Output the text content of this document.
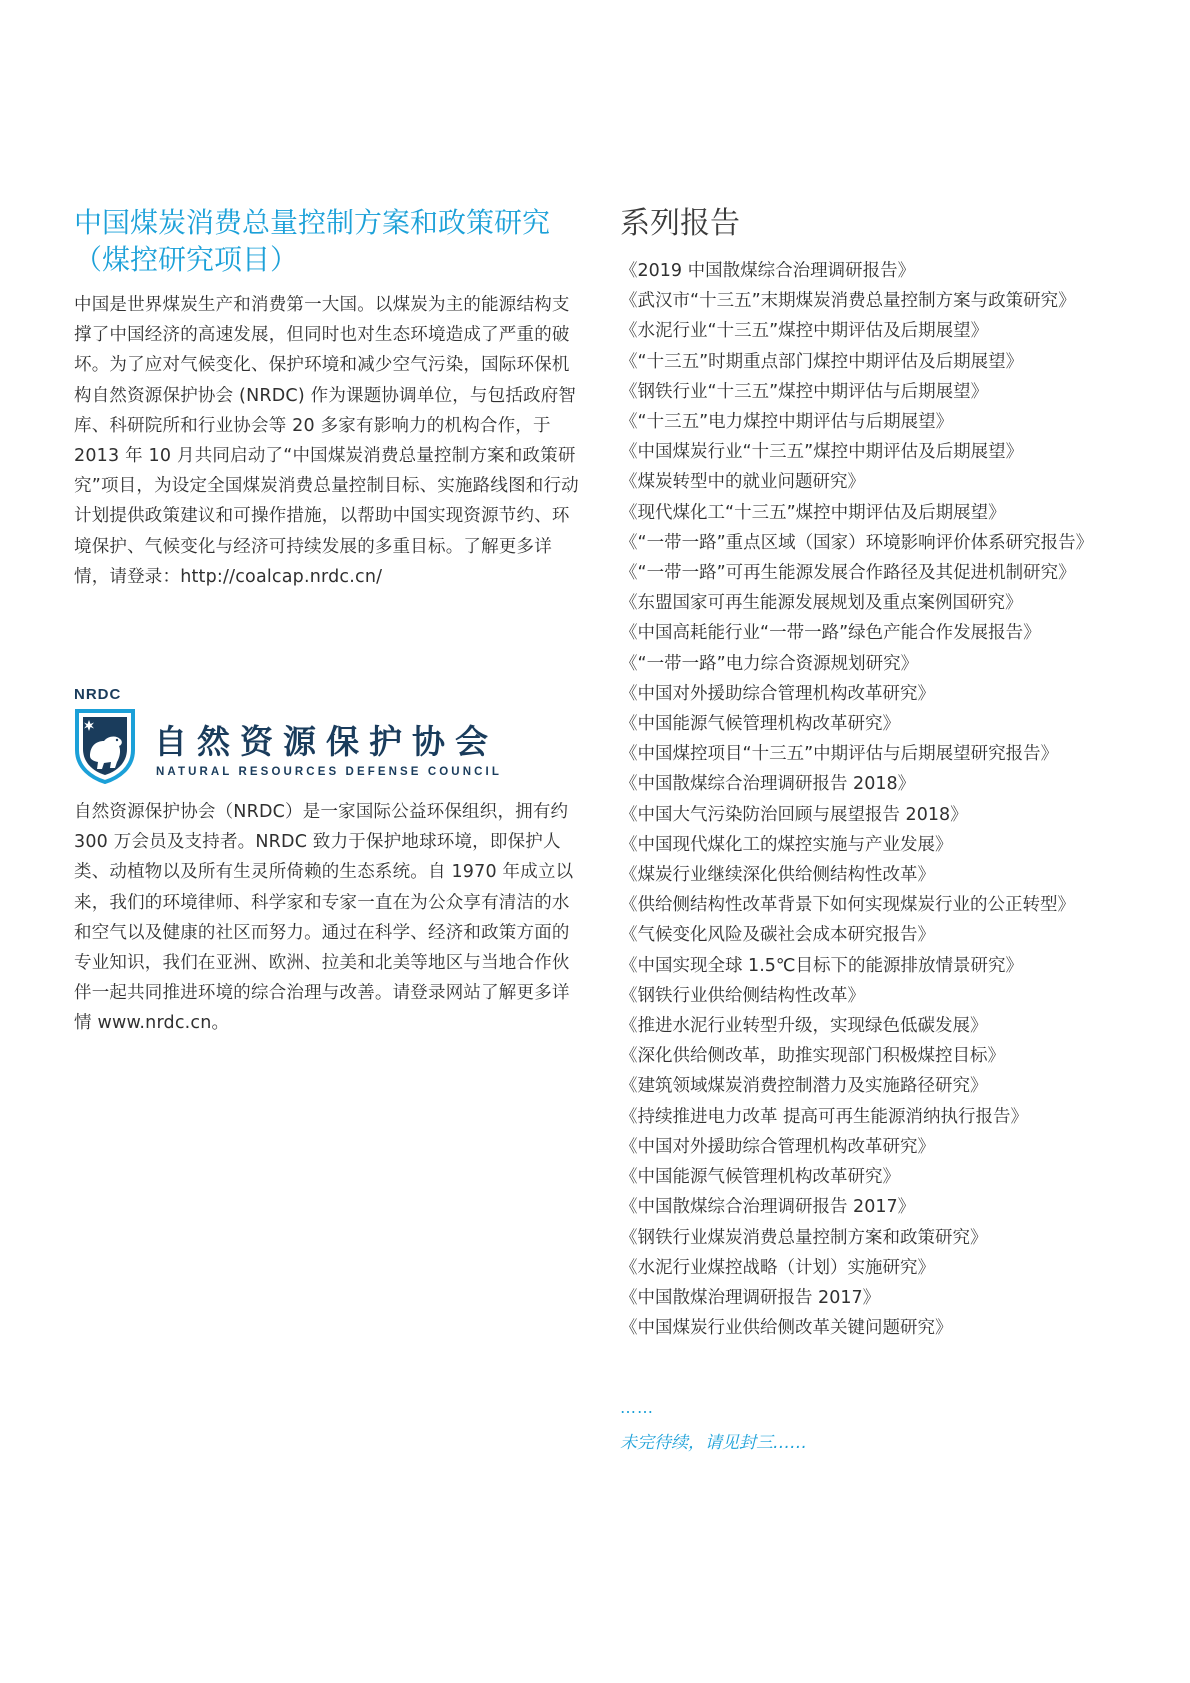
中国煤炭消费总量控制方案和政策研究
（煤控研究项目）

中国是世界煤炭生产和消费第一大国。以煤炭为主的能源结构支撑了中国经济的高速发展，但同时也对生态环境造成了严重的破坏。为了应对气候变化、保护环境和减少空气污染，国际环保机构自然资源保护协会 (NRDC) 作为课题协调单位，与包括政府智库、科研院所和行业协会等 20 多家有影响力的机构合作，于 2013 年 10 月共同启动了“中国煤炭消费总量控制方案和政策研究”项目，为设定全国煤炭消费总量控制目标、实施路线图和行动计划提供政策建议和可操作措施，以帮助中国实现资源节约、环境保护、气候变化与经济可持续发展的多重目标。了解更多详情，请登录：http://coalcap.nrdc.cn/

NRDC
自然资源保护协会
NATURAL RESOURCES DEFENSE COUNCIL

自然资源保护协会（NRDC）是一家国际公益环保组织，拥有约 300 万会员及支持者。NRDC 致力于保护地球环境，即保护人类、动植物以及所有生灵所倚赖的生态系统。自 1970 年成立以来，我们的环境律师、科学家和专家一直在为公众享有清洁的水和空气以及健康的社区而努力。通过在科学、经济和政策方面的专业知识，我们在亚洲、欧洲、拉美和北美等地区与当地合作伙伴一起共同推进环境的综合治理与改善。请登录网站了解更多详情 www.nrdc.cn。

系列报告
《2019 中国散煤综合治理调研报告》
《武汉市“十三五”末期煤炭消费总量控制方案与政策研究》
《水泥行业“十三五”煤控中期评估及后期展望》
《“十三五”时期重点部门煤控中期评估及后期展望》
《钢铁行业“十三五”煤控中期评估与后期展望》
《“十三五”电力煤控中期评估与后期展望》
《中国煤炭行业“十三五”煤控中期评估及后期展望》
《煤炭转型中的就业问题研究》
《现代煤化工“十三五”煤控中期评估及后期展望》
《“一带一路”重点区域（国家）环境影响评价体系研究报告》
《“一带一路”可再生能源发展合作路径及其促进机制研究》
《东盟国家可再生能源发展规划及重点案例国研究》
《中国高耗能行业“一带一路”绿色产能合作发展报告》
《“一带一路”电力综合资源规划研究》
《中国对外援助综合管理机构改革研究》
《中国能源气候管理机构改革研究》
《中国煤控项目“十三五”中期评估与后期展望研究报告》
《中国散煤综合治理调研报告 2018》
《中国大气污染防治回顾与展望报告 2018》
《中国现代煤化工的煤控实施与产业发展》
《煤炭行业继续深化供给侧结构性改革》
《供给侧结构性改革背景下如何实现煤炭行业的公正转型》
《气候变化风险及碳社会成本研究报告》
《中国实现全球 1.5℃目标下的能源排放情景研究》
《钢铁行业供给侧结构性改革》
《推进水泥行业转型升级，实现绿色低碳发展》
《深化供给侧改革，助推实现部门积极煤控目标》
《建筑领域煤炭消费控制潜力及实施路径研究》
《持续推进电力改革 提高可再生能源消纳执行报告》
《中国对外援助综合管理机构改革研究》
《中国能源气候管理机构改革研究》
《中国散煤综合治理调研报告 2017》
《钢铁行业煤炭消费总量控制方案和政策研究》
《水泥行业煤控战略（计划）实施研究》
《中国散煤治理调研报告 2017》
《中国煤炭行业供给侧改革关键问题研究》
……
未完待续，请见封三……
